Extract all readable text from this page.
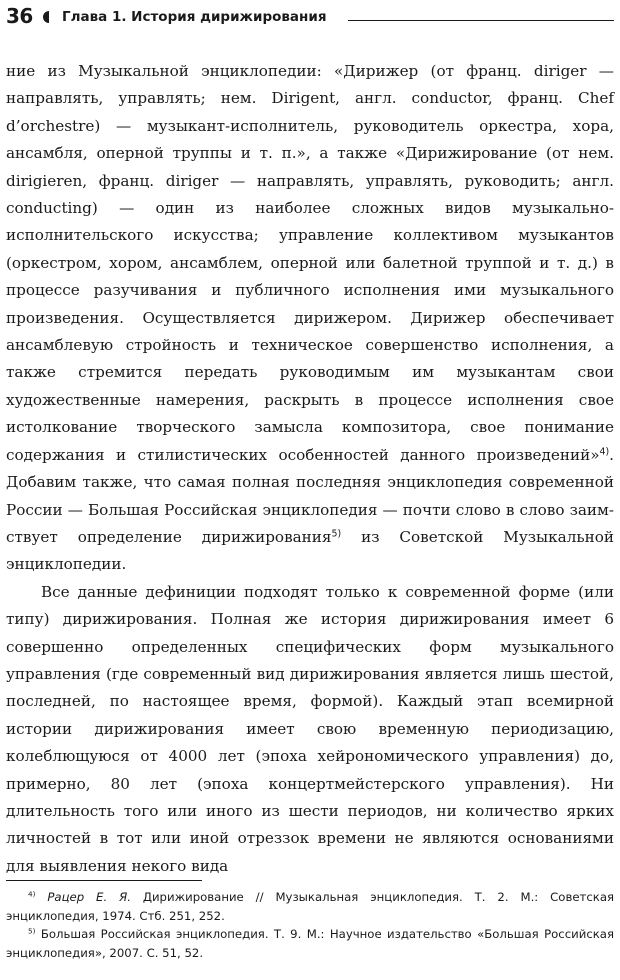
36 Глава 1. История дирижирования

ние из Музыкальной энциклопедии: «Дирижер (от франц. diriger — направлять, управлять; нем. Dirigent, англ. conductor, франц. Chef d’orchestre) — музыкант-исполнитель, руководитель оркестра, хора, ансамбля, оперной труппы и т. п.», а также «Дирижирование (от нем. dirigieren, франц. diriger — направлять, управлять, руководить; англ. conducting) — один из наиболее сложных видов музыкально-исполнительского искусства; управление коллективом музыкантов (оркестром, хором, ансамблем, оперной или балетной труппой и т. д.) в процессе разучивания и публичного исполнения ими музыкального произведения. Осуществляется дирижером. Дирижер обеспечивает ансамблевую стройность и техническое совершенство исполнения, а также стремится передать руководимым им музыкантам свои художественные намерения, раскрыть в процессе исполнения свое истолкование творческого замысла композитора, свое понимание содержания и стилистических особенностей данного произведений»$^{4)}$. Добавим также, что самая полная последняя энциклопедия современной России — Большая Российская энциклопедия — почти слово в слово заимствует определение дирижирования$^{5)}$ из Советской Музыкальной энциклопедии.

Все данные дефиниции подходят только к современной форме (или типу) дирижирования. Полная же история дирижирования имеет 6 совершенно определенных специфических форм музыкального управления (где современный вид дирижирования является лишь шестой, последней, по настоящее время, формой). Каждый этап всемирной истории дирижирования имеет свою временную периодизацию, колеблющуюся от 4000 лет (эпоха хейрономического управления) до, примерно, 80 лет (эпоха концертмейстерского управления). Ни длительность того или иного из шести периодов, ни количество ярких личностей в тот или иной отреззок времени не являются основаниями для выявления некого вида

$^{4)}$ Рацер Е. Я. Дирижирование // Музыкальная энциклопедия. Т. 2. М.: Советская энциклопедия, 1974. Стб. 251, 252.

$^{5)}$ Большая Российская энциклопедия. Т. 9. М.: Научное издательство «Большая Российская энциклопедия», 2007. С. 51, 52.
